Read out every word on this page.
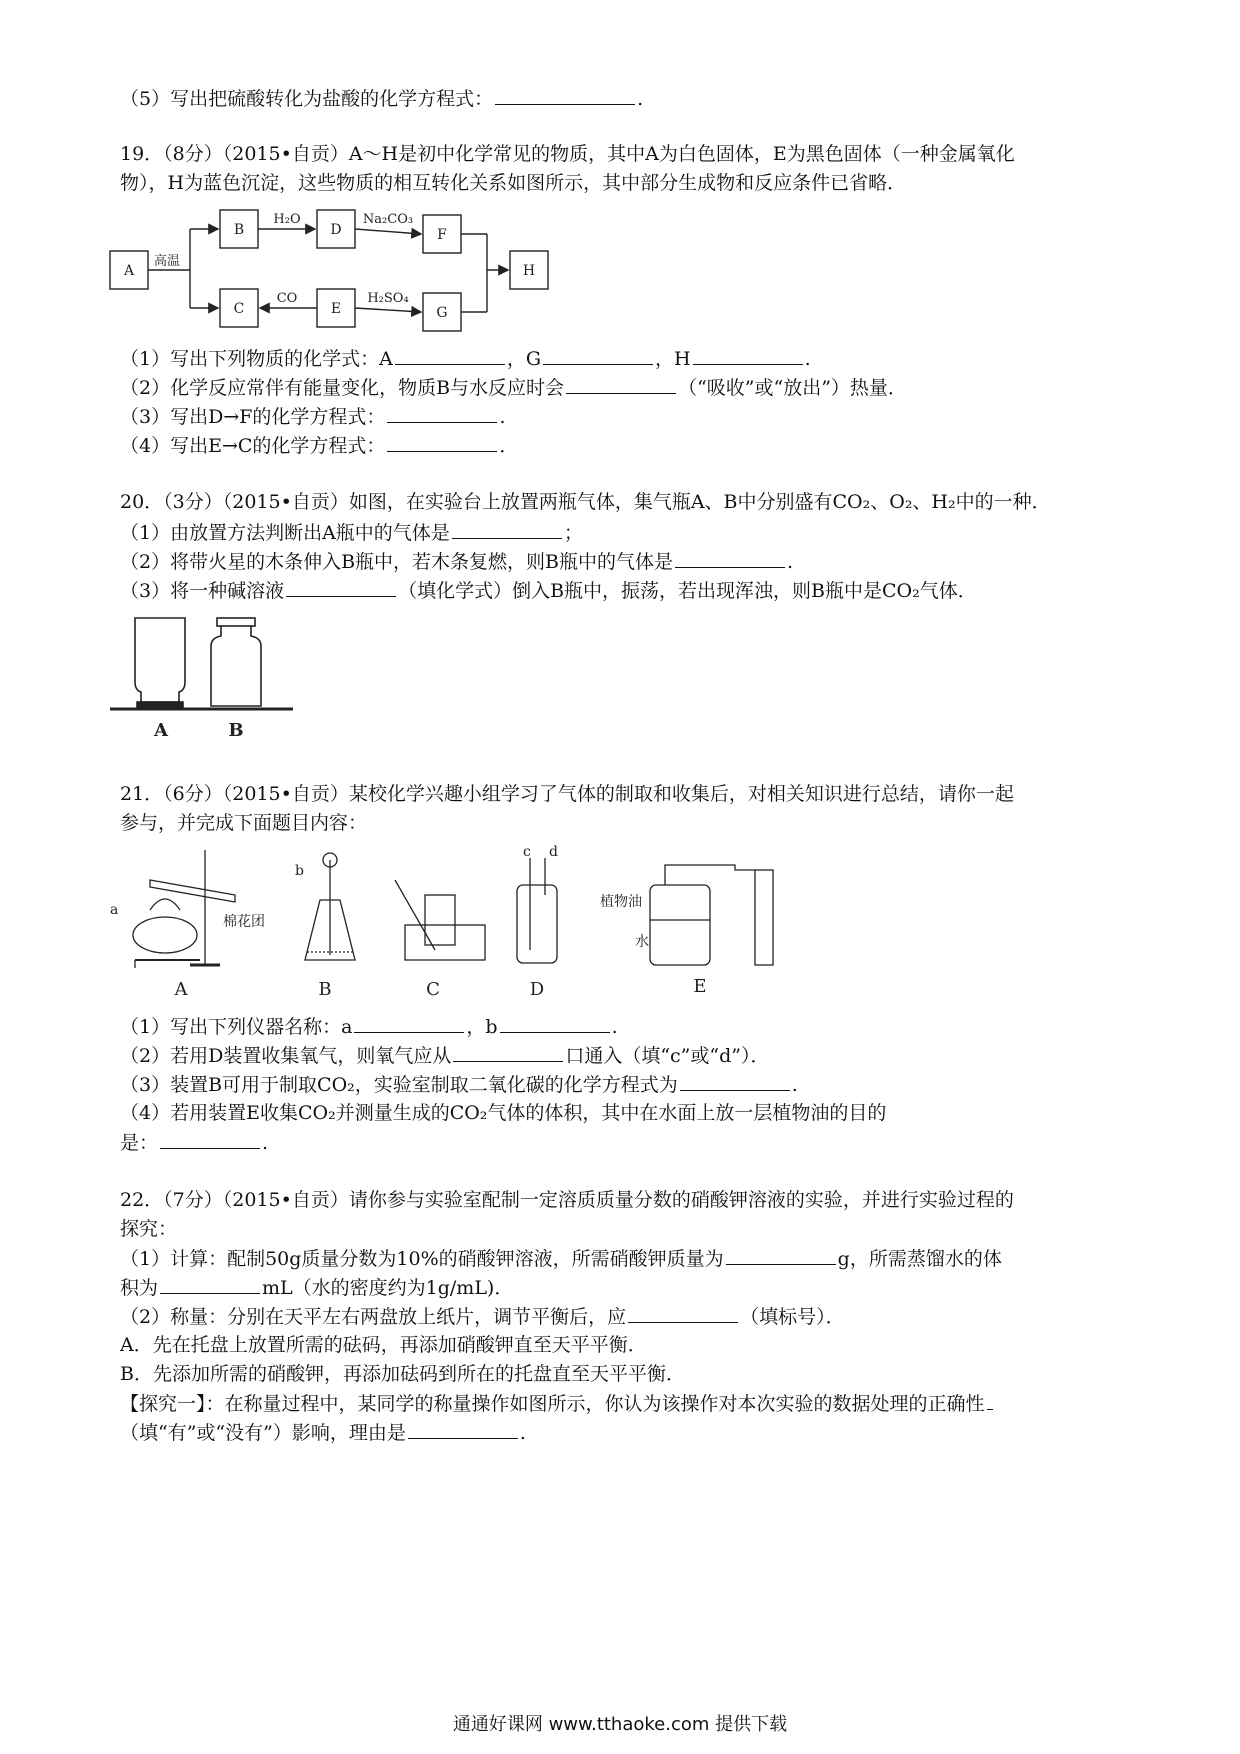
（5）写出把硫酸转化为盐酸的化学方程式：	.
19．（8分）（2015•自贡）A～H是初中化学常见的物质，其中A为白色固体，E为黑色固体（一种金属氧化
物），H为蓝色沉淀，这些物质的相互转化关系如图所示，其中部分生成物和反应条件已省略．
A
B	D	F
H
C	E	G
高温
H₂O	Na₂CO₃
CO	H₂SO₄
（1）写出下列物质的化学式：A	，G	，H	.
（2）化学反应常伴有能量变化，物质B与水反应时会	（“吸收”或“放出”）热量．
（3）写出D→F的化学方程式：	.
（4）写出E→C的化学方程式：	．
20．（3分）（2015•自贡）如图，在实验台上放置两瓶气体，集气瓶A、B中分别盛有CO₂、O₂、H₂中的一种．
（1）由放置方法判断出A瓶中的气体是	；
（2）将带火星的木条伸入B瓶中，若木条复燃，则B瓶中的气体是	.
（3）将一种碱溶液	（填化学式）倒入B瓶中，振荡，若出现浑浊，则B瓶中是CO₂气体．
A	B
21．（6分）（2015•自贡）某校化学兴趣小组学习了气体的制取和收集后，对相关知识进行总结，请你一起
参与，并完成下面题目内容：
a
b
棉花团
c d
植物油
水
A	B	C	D	E
（1）写出下列仪器名称：a	，b	.
（2）若用D装置收集氧气，则氧气应从	口通入（填“c”或“d”）．
（3）装置B可用于制取CO₂，实验室制取二氧化碳的化学方程式为	.
（4）若用装置E收集CO₂并测量生成的CO₂气体的体积，其中在水面上放一层植物油的目的
是：	.
22．（7分）（2015•自贡）请你参与实验室配制一定溶质质量分数的硝酸钾溶液的实验，并进行实验过程的
探究：
（1）计算：配制50g质量分数为10%的硝酸钾溶液，所需硝酸钾质量为	g，所需蒸馏水的体
积为	mL（水的密度约为1g/mL)．
（2）称量：分别在天平左右两盘放上纸片，调节平衡后，应	（填标号）．
A．先在托盘上放置所需的砝码，再添加硝酸钾直至天平平衡．
B．先添加所需的硝酸钾，再添加砝码到所在的托盘直至天平平衡．
【探究一】：在称量过程中，某同学的称量操作如图所示，你认为该操作对本次实验的数据处理的正确性
（填“有”或“没有”）影响，理由是	.
通通好课网 www.tthaoke.com 提供下载
